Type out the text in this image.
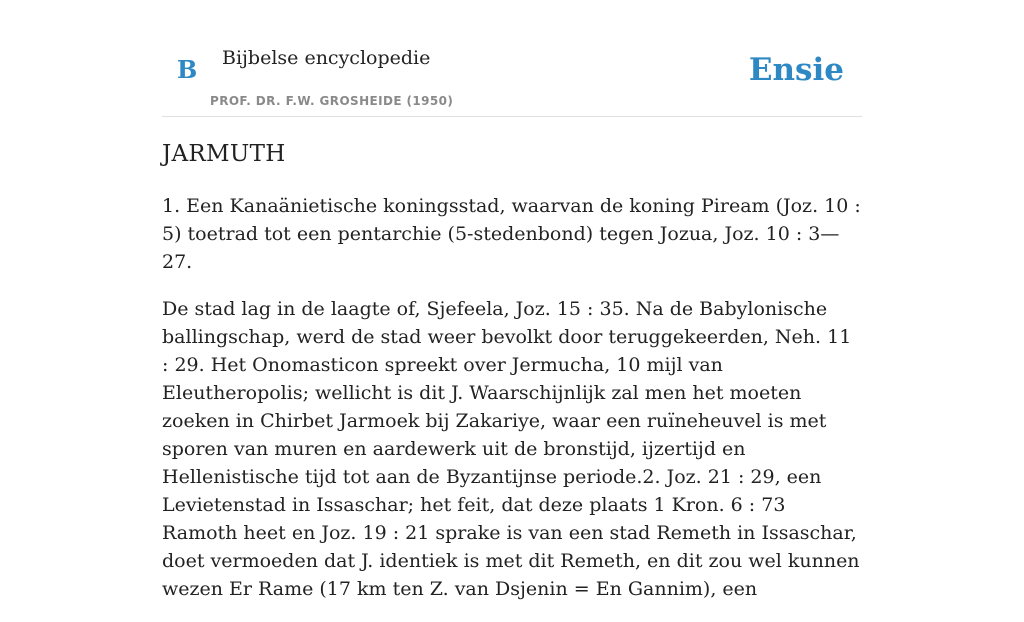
B Bijbelse encyclopedie
PROF. DR. F.W. GROSHEIDE (1950)
Ensie
JARMUTH

1. Een Kanaänietische koningsstad, waarvan de koning Piream (Joz. 10 : 5) toetrad tot een pentarchie (5-stedenbond) tegen Jozua, Joz. 10 : 3—27.

De stad lag in de laagte of, Sjefeela, Joz. 15 : 35. Na de Babylonische ballingschap, werd de stad weer bevolkt door teruggekeerden, Neh. 11 : 29. Het Onomasticon spreekt over Jermucha, 10 mijl van Eleutheropolis; wellicht is dit J. Waarschijnlijk zal men het moeten zoeken in Chirbet Jarmoek bij Zakariye, waar een ruïneheuvel is met sporen van muren en aardewerk uit de bronstijd, ijzertijd en Hellenistische tijd tot aan de Byzantijnse periode.2. Joz. 21 : 29, een Levietenstad in Issaschar; het feit, dat deze plaats 1 Kron. 6 : 73 Ramoth heet en Joz. 19 : 21 sprake is van een stad Remeth in Issaschar, doet vermoeden dat J. identiek is met dit Remeth, en dit zou wel kunnen wezen Er Rame (17 km ten Z. van Dsjenin = En Gannim), een
